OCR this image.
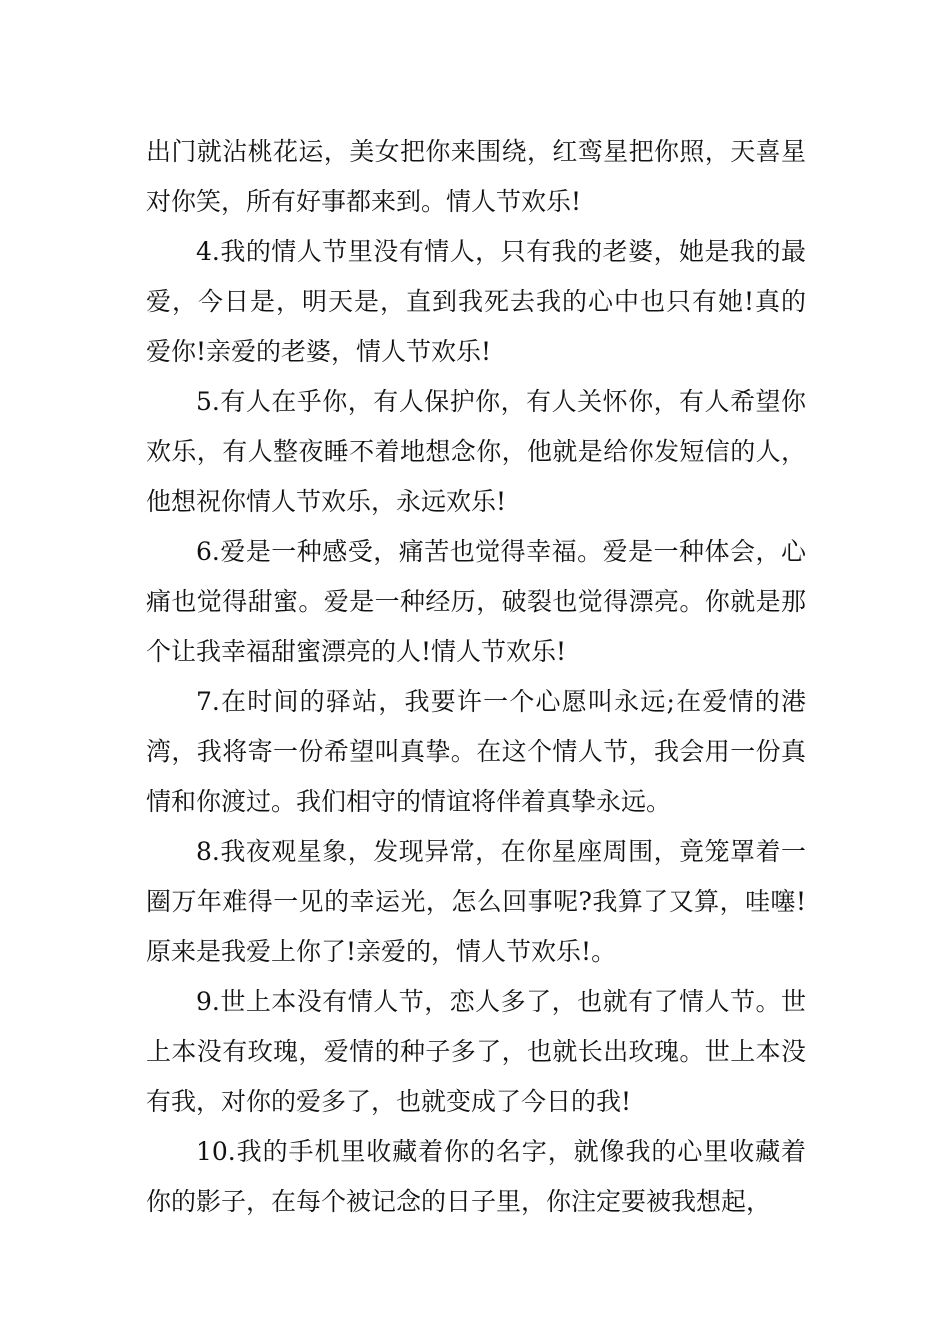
出门就沾桃花运，美女把你来围绕，红鸾星把你照，天喜星对你笑，所有好事都来到。情人节欢乐!

4.我的情人节里没有情人，只有我的老婆，她是我的最爱，今日是，明天是，直到我死去我的心中也只有她!真的爱你!亲爱的老婆，情人节欢乐!

5.有人在乎你，有人保护你，有人关怀你，有人希望你欢乐，有人整夜睡不着地想念你，他就是给你发短信的人，他想祝你情人节欢乐，永远欢乐!

6.爱是一种感受，痛苦也觉得幸福。爱是一种体会，心痛也觉得甜蜜。爱是一种经历，破裂也觉得漂亮。你就是那个让我幸福甜蜜漂亮的人!情人节欢乐!

7.在时间的驿站，我要许一个心愿叫永远;在爱情的港湾，我将寄一份希望叫真挚。在这个情人节，我会用一份真情和你渡过。我们相守的情谊将伴着真挚永远。

8.我夜观星象，发现异常，在你星座周围，竟笼罩着一圈万年难得一见的幸运光，怎么回事呢?我算了又算，哇噻!原来是我爱上你了!亲爱的，情人节欢乐!。

9.世上本没有情人节，恋人多了，也就有了情人节。世上本没有玫瑰，爱情的种子多了，也就长出玫瑰。世上本没有我，对你的爱多了，也就变成了今日的我!

10.我的手机里收藏着你的名字，就像我的心里收藏着你的影子，在每个被记念的日子里，你注定要被我想起，
